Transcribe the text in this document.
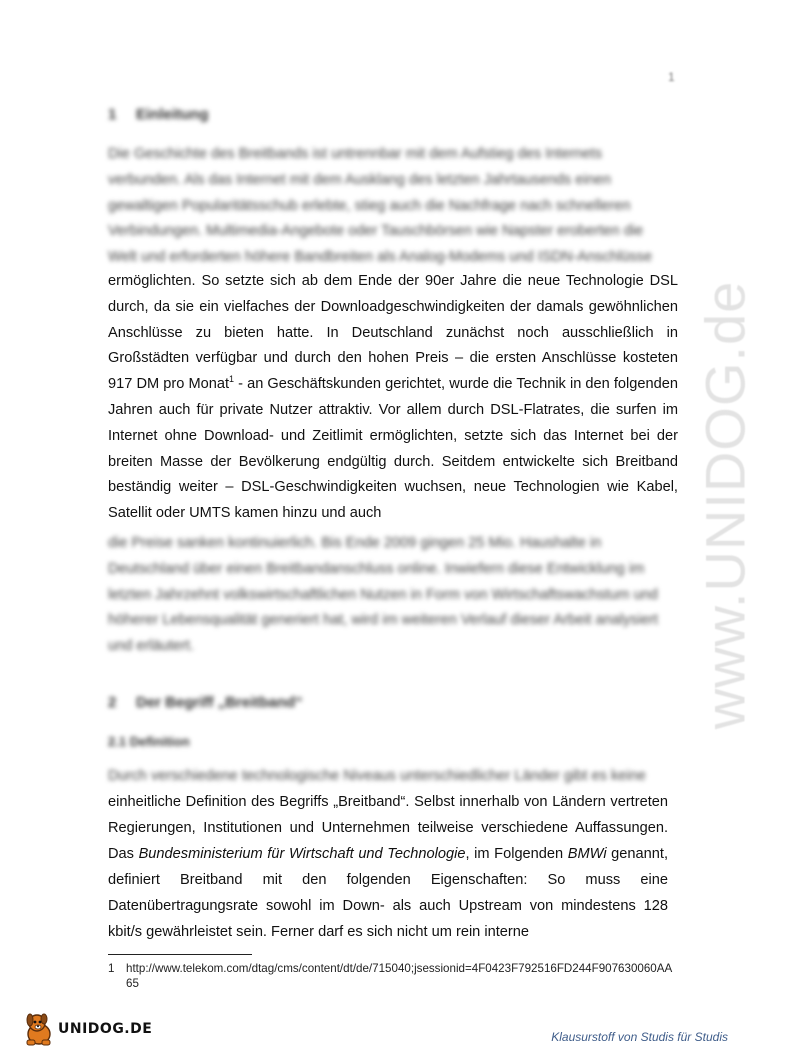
1
www.UNIDOG.de
1 Einleitung

Die Geschichte des Breitbands ist untrennbar mit dem Aufstieg des Internets

verbunden. Als das Internet mit dem Ausklang des letzten Jahrtausends einen

gewaltigen Popularitätsschub erlebte, stieg auch die Nachfrage nach schnelleren

Verbindungen. Multimedia-Angebote oder Tauschbörsen wie Napster eroberten die

Welt und erforderten höhere Bandbreiten als Analog-Modems und ISDN-Anschlüsse

ermöglichten. So setzte sich ab dem Ende der 90er Jahre die neue Technologie DSL durch, da sie ein vielfaches der Downloadgeschwindigkeiten der damals gewöhnlichen Anschlüsse zu bieten hatte. In Deutschland zunächst noch ausschließlich in Großstädten verfügbar und durch den hohen Preis – die ersten Anschlüsse kosteten 917 DM pro Monat$^1$ - an Geschäftskunden gerichtet, wurde die Technik in den folgenden Jahren auch für private Nutzer attraktiv. Vor allem durch DSL-Flatrates, die surfen im Internet ohne Download- und Zeitlimit ermöglichten, setzte sich das Internet bei der breiten Masse der Bevölkerung endgültig durch. Seitdem entwickelte sich Breitband beständig weiter – DSL-Geschwindigkeiten wuchsen, neue Technologien wie Kabel, Satellit oder UMTS kamen hinzu und auch

die Preise sanken kontinuierlich. Bis Ende 2009 gingen 25 Mio. Haushalte in

Deutschland über einen Breitbandanschluss online. Inwiefern diese Entwicklung im

letzten Jahrzehnt volkswirtschaftlichen Nutzen in Form von Wirtschaftswachstum und

höherer Lebensqualität generiert hat, wird im weiteren Verlauf dieser Arbeit analysiert

und erläutert.

2 Der Begriff „Breitband“
2.1 Definition

Durch verschiedene technologische Niveaus unterschiedlicher Länder gibt es keine

einheitliche Definition des Begriffs „Breitband“. Selbst innerhalb von Ländern vertreten Regierungen, Institutionen und Unternehmen teilweise verschiedene Auffassungen. Das Bundesministerium für Wirtschaft und Technologie, im Folgenden BMWi genannt, definiert Breitband mit den folgenden Eigenschaften: So muss eine Datenübertragungsrate sowohl im Down- als auch Upstream von mindestens 128 kbit/s gewährleistet sein. Ferner darf es sich nicht um rein interne
1 http://www.telekom.com/dtag/cms/content/dt/de/715040;jsessionid=4F0423F792516FD244F907630060AA65
UNIDOG.DE	Klausurstoff von Studis für Studis
